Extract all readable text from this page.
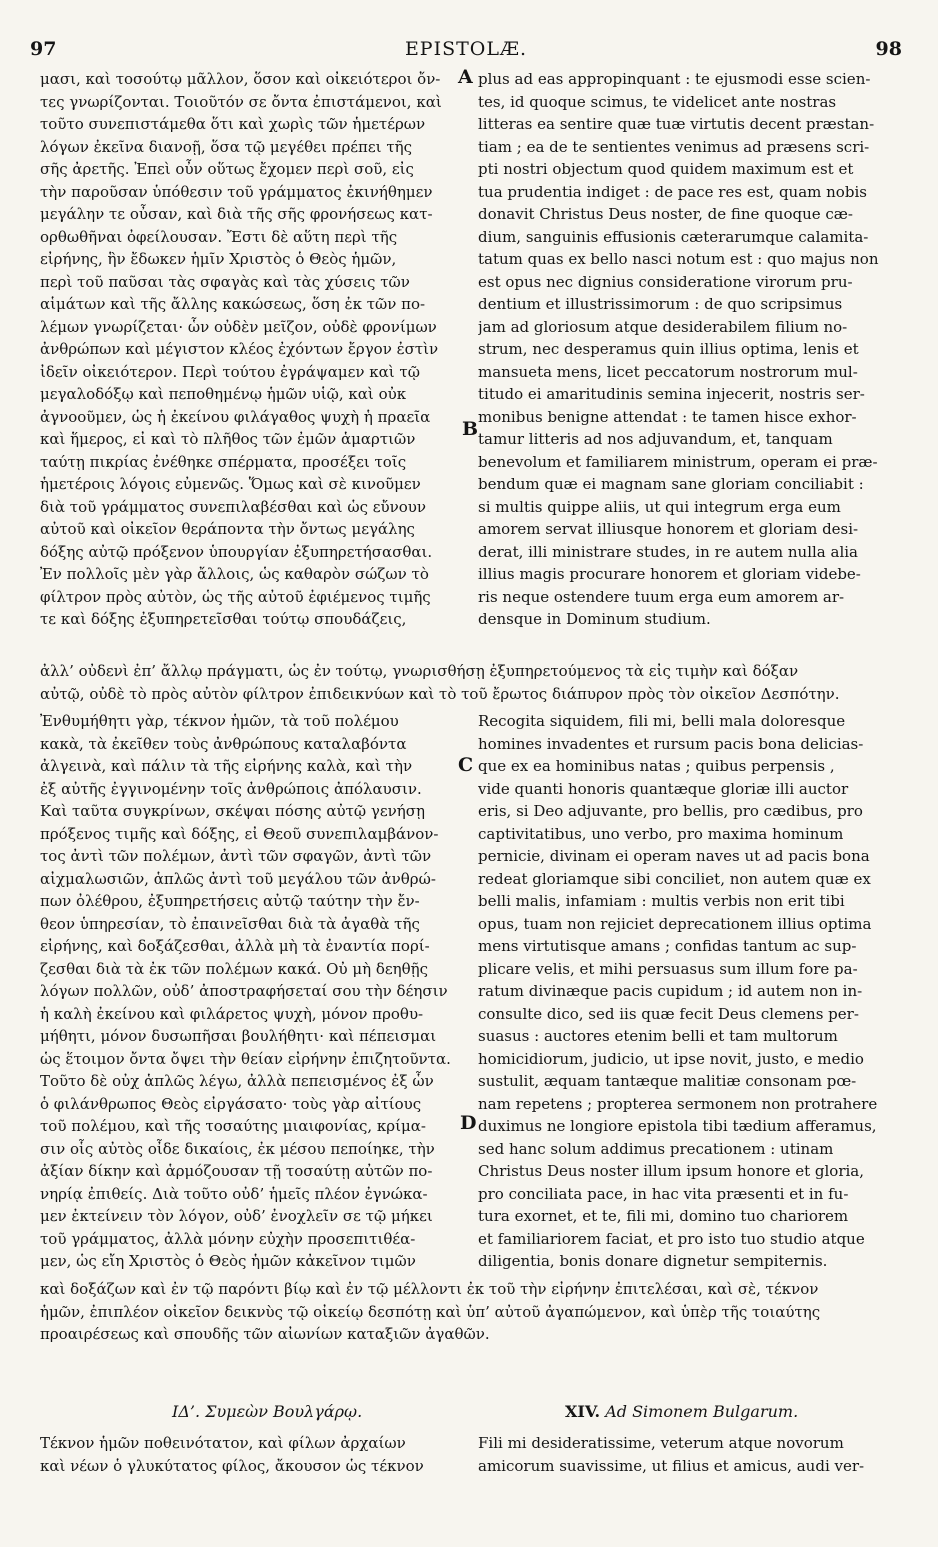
97	EPISTOLÆ.	98
μασι, καὶ τοσούτῳ μᾶλλον, ὅσον καὶ οἰκειότεροι ὄν-
τες γνωρίζονται. Τοιοῦτόν σε ὄντα ἐπιστάμενοι, καὶ
τοῦτο συνεπιστάμεθα ὅτι καὶ χωρὶς τῶν ἡμετέρων
λόγων ἐκεῖνα διανοῇ, ὅσα τῷ μεγέθει πρέπει τῆς
σῆς ἀρετῆς. Ἐπεὶ οὖν οὕτως ἔχομεν περὶ σοῦ, εἰς
τὴν παροῦσαν ὑπόθεσιν τοῦ γράμματος ἐκινήθημεν
μεγάλην τε οὖσαν, καὶ διὰ τῆς σῆς φρονήσεως κατ-
ορθωθῆναι ὀφείλουσαν. Ἔστι δὲ αὕτη περὶ τῆς
εἰρήνης, ἣν ἔδωκεν ἡμῖν Χριστὸς ὁ Θεὸς ἡμῶν,
περὶ τοῦ παῦσαι τὰς σφαγὰς καὶ τὰς χύσεις τῶν
αἱμάτων καὶ τῆς ἄλλης κακώσεως, ὅση ἐκ τῶν πο-
λέμων γνωρίζεται· ὧν οὐδὲν μεῖζον, οὐδὲ φρονίμων
ἀνθρώπων καὶ μέγιστον κλέος ἐχόντων ἔργον ἐστὶν
ἰδεῖν οἰκειότερον. Περὶ τούτου ἐγράψαμεν καὶ τῷ
μεγαλοδόξῳ καὶ πεποθημένῳ ἡμῶν υἱῷ, καὶ οὐκ
ἀγνοοῦμεν, ὡς ἡ ἐκείνου φιλάγαθος ψυχὴ ἡ πραεῖα
καὶ ἥμερος, εἰ καὶ τὸ πλῆθος τῶν ἐμῶν ἁμαρτιῶν
ταύτῃ πικρίας ἐνέθηκε σπέρματα, προσέξει τοῖς
ἡμετέροις λόγοις εὐμενῶς. Ὅμως καὶ σὲ κινοῦμεν
διὰ τοῦ γράμματος συνεπιλαβέσθαι καὶ ὡς εὔνουν
αὐτοῦ καὶ οἰκεῖον θεράποντα τὴν ὄντως μεγάλης
δόξης αὐτῷ πρόξενον ὑπουργίαν ἐξυπηρετήσασθαι.
Ἐν πολλοῖς μὲν γὰρ ἄλλοις, ὡς καθαρὸν σώζων τὸ
φίλτρον πρὸς αὐτὸν, ὡς τῆς αὐτοῦ ἐφιέμενος τιμῆς
τε καὶ δόξης ἐξυπηρετεῖσθαι τούτῳ σπουδάζεις,
plus ad eas appropinquant : te ejusmodi esse scien-
tes, id quoque scimus, te videlicet ante nostras
litteras ea sentire quæ tuæ virtutis decent præstan-
tiam ; ea de te sentientes venimus ad præsens scri-
pti nostri objectum quod quidem maximum est et
tua prudentia indiget : de pace res est, quam nobis
donavit Christus Deus noster, de fine quoque cæ-
dium, sanguinis effusionis cæterarumque calamita-
tatum quas ex bello nasci notum est : quo majus non
est opus nec dignius consideratione virorum pru-
dentium et illustrissimorum : de quo scripsimus
jam ad gloriosum atque desiderabilem filium no-
strum, nec desperamus quin illius optima, lenis et
mansueta mens, licet peccatorum nostrorum mul-
titudo ei amaritudinis semina injecerit, nostris ser-
monibus benigne attendat : te tamen hisce exhor-
tamur litteris ad nos adjuvandum, et, tanquam
benevolum et familiarem ministrum, operam ei præ-
bendum quæ ei magnam sane gloriam conciliabit :
si multis quippe aliis, ut qui integrum erga eum
amorem servat illiusque honorem et gloriam desi-
derat, illi ministrare studes, in re autem nulla alia
illius magis procurare honorem et gloriam videbe-
ris neque ostendere tuum erga eum amorem ar-
densque in Dominum studium.
A
B
ἀλλ’ οὐδενὶ ἐπ’ ἄλλῳ πράγματι, ὡς ἐν τούτῳ, γνωρισθήσῃ ἐξυπηρετούμενος τὰ εἰς τιμὴν καὶ δόξαν
αὐτῷ, οὐδὲ τὸ πρὸς αὐτὸν φίλτρον ἐπιδεικνύων καὶ τὸ τοῦ ἔρωτος διάπυρον πρὸς τὸν οἰκεῖον Δεσπότην.
Ἐνθυμήθητι γὰρ, τέκνον ἡμῶν, τὰ τοῦ πολέμου
κακὰ, τὰ ἐκεῖθεν τοὺς ἀνθρώπους καταλαβόντα
ἀλγεινὰ, καὶ πάλιν τὰ τῆς εἰρήνης καλὰ, καὶ τὴν
ἐξ αὐτῆς ἐγγινομένην τοῖς ἀνθρώποις ἀπόλαυσιν.
Καὶ ταῦτα συγκρίνων, σκέψαι πόσης αὐτῷ γενήσῃ
πρόξενος τιμῆς καὶ δόξης, εἰ Θεοῦ συνεπιλαμβάνον-
τος ἀντὶ τῶν πολέμων, ἀντὶ τῶν σφαγῶν, ἀντὶ τῶν
αἰχμαλωσιῶν, ἁπλῶς ἀντὶ τοῦ μεγάλου τῶν ἀνθρώ-
πων ὀλέθρου, ἐξυπηρετήσεις αὐτῷ ταύτην τὴν ἔν-
θεον ὑπηρεσίαν, τὸ ἐπαινεῖσθαι διὰ τὰ ἀγαθὰ τῆς
εἰρήνης, καὶ δοξάζεσθαι, ἀλλὰ μὴ τὰ ἐναντία πορί-
ζεσθαι διὰ τὰ ἐκ τῶν πολέμων κακά. Οὐ μὴ δεηθῇς
λόγων πολλῶν, οὐδ’ ἀποστραφήσεταί σου τὴν δέησιν
ἡ καλὴ ἐκείνου καὶ φιλάρετος ψυχὴ, μόνον προθυ-
μήθητι, μόνον δυσωπῆσαι βουλήθητι· καὶ πέπεισμαι
ὡς ἕτοιμον ὄντα ὄψει τὴν θείαν εἰρήνην ἐπιζητοῦντα.
Τοῦτο δὲ οὐχ ἁπλῶς λέγω, ἀλλὰ πεπεισμένος ἐξ ὧν
ὁ φιλάνθρωπος Θεὸς εἰργάσατο· τοὺς γὰρ αἰτίους
τοῦ πολέμου, καὶ τῆς τοσαύτης μιαιφονίας, κρίμα-
σιν οἷς αὐτὸς οἶδε δικαίοις, ἐκ μέσου πεποίηκε, τὴν
ἀξίαν δίκην καὶ ἁρμόζουσαν τῇ τοσαύτῃ αὐτῶν πο-
νηρίᾳ ἐπιθείς. Διὰ τοῦτο οὐδ’ ἡμεῖς πλέον ἐγνώκα-
μεν ἐκτείνειν τὸν λόγον, οὐδ’ ἐνοχλεῖν σε τῷ μήκει
τοῦ γράμματος, ἀλλὰ μόνην εὐχὴν προσεπιτιθέα-
μεν, ὡς εἴη Χριστὸς ὁ Θεὸς ἡμῶν κἀκεῖνον τιμῶν
Recogita siquidem, fili mi, belli mala doloresque
homines invadentes et rursum pacis bona delicias-
que ex ea hominibus natas ; quibus perpensis ,
vide quanti honoris quantæque gloriæ illi auctor
eris, si Deo adjuvante, pro bellis, pro cædibus, pro
captivitatibus, uno verbo, pro maxima hominum
pernicie, divinam ei operam naves ut ad pacis bona
redeat gloriamque sibi conciliet, non autem quæ ex
belli malis, infamiam : multis verbis non erit tibi
opus, tuam non rejiciet deprecationem illius optima
mens virtutisque amans ; confidas tantum ac sup-
plicare velis, et mihi persuasus sum illum fore pa-
ratum divinæque pacis cupidum ; id autem non in-
consulte dico, sed iis quæ fecit Deus clemens per-
suasus : auctores etenim belli et tam multorum
homicidiorum, judicio, ut ipse novit, justo, e medio
sustulit, æquam tantæque malitiæ consonam pœ-
nam repetens ; propterea sermonem non protrahere
duximus ne longiore epistola tibi tædium afferamus,
sed hanc solum addimus precationem : utinam
Christus Deus noster illum ipsum honore et gloria,
pro conciliata pace, in hac vita præsenti et in fu-
tura exornet, et te, fili mi, domino tuo chariorem
et familiariorem faciat, et pro isto tuo studio atque
diligentia, bonis donare dignetur sempiternis.
C
D
καὶ δοξάζων καὶ ἐν τῷ παρόντι βίῳ καὶ ἐν τῷ μέλλοντι ἐκ τοῦ τὴν εἰρήνην ἐπιτελέσαι, καὶ σὲ, τέκνον
ἡμῶν, ἐπιπλέον οἰκεῖον δεικνὺς τῷ οἰκείῳ δεσπότῃ καὶ ὑπ’ αὐτοῦ ἀγαπώμενον, καὶ ὑπὲρ τῆς τοιαύτης
προαιρέσεως καὶ σπουδῆς τῶν αἰωνίων καταξιῶν ἀγαθῶν.
ΙΔ’. Συμεὼν Βουλγάρῳ.	XIV. Ad Simonem Bulgarum.
Τέκνον ἡμῶν ποθεινότατον, καὶ φίλων ἀρχαίων
καὶ νέων ὁ γλυκύτατος φίλος, ἄκουσον ὡς τέκνον
Fili mi desideratissime, veterum atque novorum
amicorum suavissime, ut filius et amicus, audi ver-
